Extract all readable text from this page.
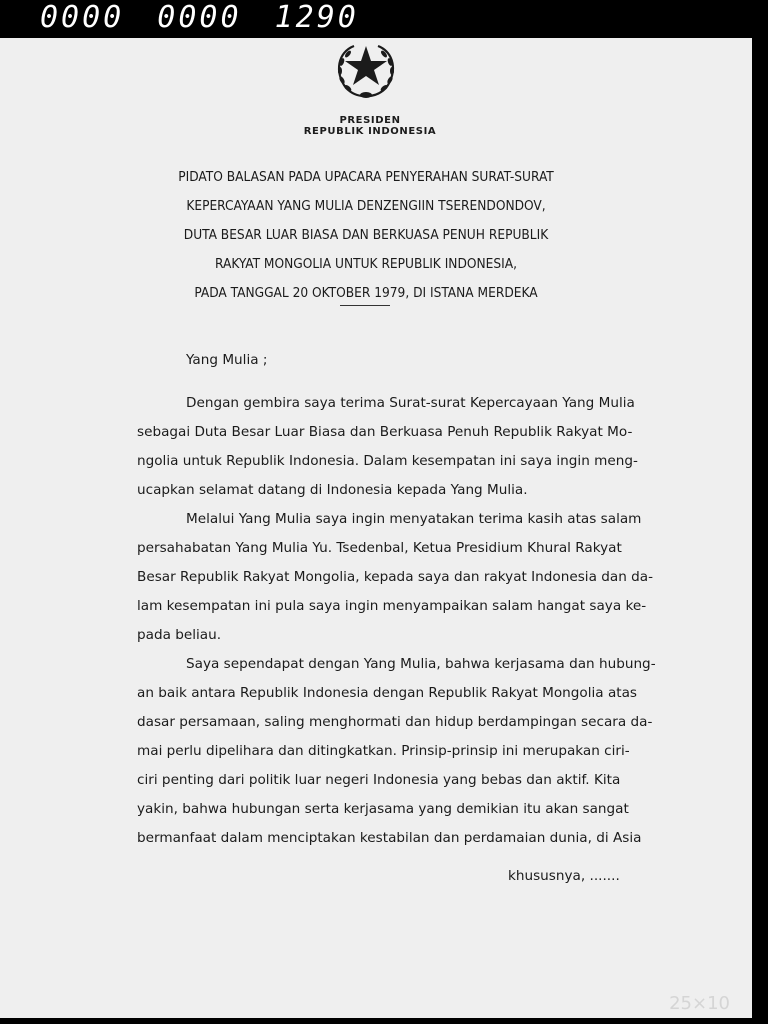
0000 0000 1290
PRESIDEN
REPUBLIK INDONESIA
PIDATO BALASAN PADA UPACARA PENYERAHAN SURAT-SURAT
KEPERCAYAAN YANG MULIA DENZENGIIN TSERENDONDOV,
DUTA BESAR LUAR BIASA DAN BERKUASA PENUH REPUBLIK
RAKYAT MONGOLIA UNTUK REPUBLIK INDONESIA,
PADA TANGGAL 20 OKTOBER 1979, DI ISTANA MERDEKA
Yang Mulia ;
Dengan gembira saya terima Surat-surat Kepercayaan Yang Mulia
sebagai Duta Besar Luar Biasa dan Berkuasa Penuh Republik Rakyat Mo-
ngolia untuk Republik Indonesia. Dalam kesempatan ini saya ingin meng-
ucapkan selamat datang di Indonesia kepada Yang Mulia.
Melalui Yang Mulia saya ingin menyatakan terima kasih atas salam
persahabatan Yang Mulia Yu. Tsedenbal, Ketua Presidium Khural Rakyat
Besar Republik Rakyat Mongolia, kepada saya dan rakyat Indonesia dan da-
lam kesempatan ini pula saya ingin menyampaikan salam hangat saya ke-
pada beliau.
Saya sependapat dengan Yang Mulia, bahwa kerjasama dan hubung-
an baik antara Republik Indonesia dengan Republik Rakyat Mongolia atas
dasar persamaan, saling menghormati dan hidup berdampingan secara da-
mai perlu dipelihara dan ditingkatkan. Prinsip-prinsip ini merupakan ciri-
ciri penting dari politik luar negeri Indonesia yang bebas dan aktif. Kita
yakin, bahwa hubungan serta kerjasama yang demikian itu akan sangat
bermanfaat dalam menciptakan kestabilan dan perdamaian dunia, di Asia
khususnya, .......
25×10
